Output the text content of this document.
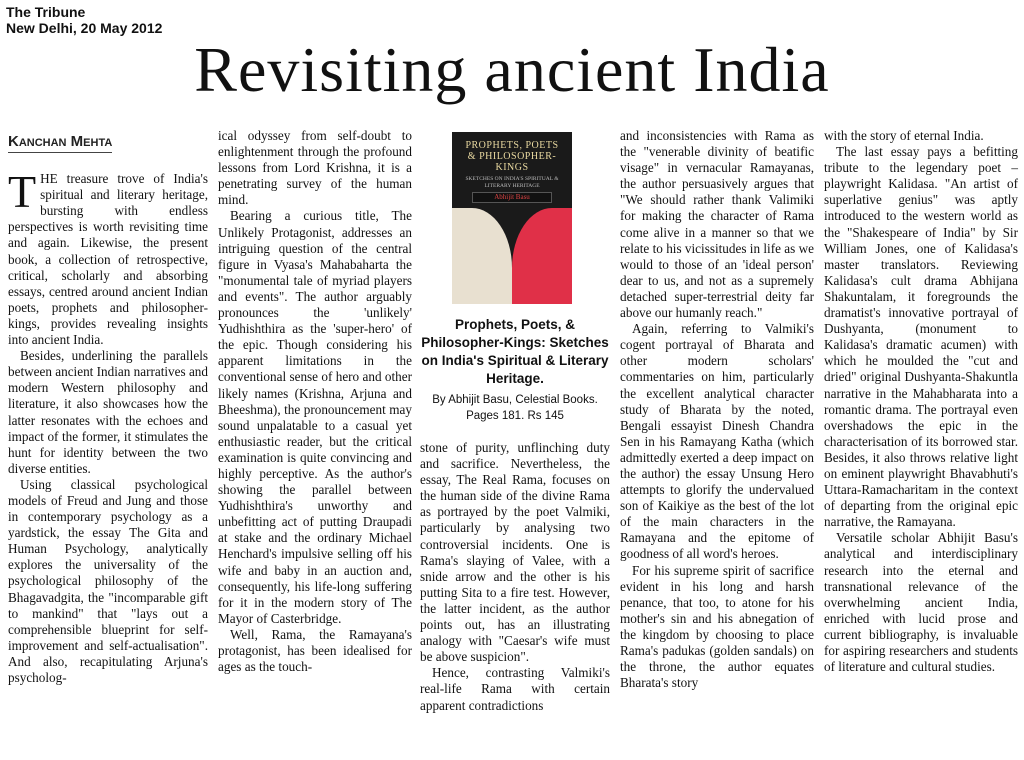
The Tribune
New Delhi, 20 May 2012
Revisiting ancient India
Kanchan Mehta

THE treasure trove of India's spiritual and literary heritage, bursting with endless perspectives is worth revisiting time and again. Likewise, the present book, a collection of retrospective, critical, scholarly and absorbing essays, centred around ancient Indian poets, prophets and philosopher-kings, provides revealing insights into ancient India.

Besides, underlining the parallels between ancient Indian narratives and modern Western philosophy and literature, it also showcases how the latter resonates with the echoes and impact of the former, it stimulates the hunt for identity between the two diverse entities.

Using classical psychological models of Freud and Jung and those in contemporary psychology as a yardstick, the essay The Gita and Human Psychology, analytically explores the universality of the psychological philosophy of the Bhagavadgita, the "incomparable gift to mankind" that "lays out a comprehensible blueprint for self-improvement and self-actualisation". And also, recapitulating Arjuna's psycholog-

ical odyssey from self-doubt to enlightenment through the profound lessons from Lord Krishna, it is a penetrating survey of the human mind.

Bearing a curious title, The Unlikely Protagonist, addresses an intriguing question of the central figure in Vyasa's Mahabaharta the "monumental tale of myriad players and events". The author arguably pronounces the 'unlikely' Yudhishthira as the 'super-hero' of the epic. Though considering his apparent limitations in the conventional sense of hero and other likely names (Krishna, Arjuna and Bheeshma), the pronouncement may sound unpalatable to a casual yet enthusiastic reader, but the critical examination is quite convincing and highly perceptive. As the author's showing the parallel between Yudhishthira's unworthy and unbefitting act of putting Draupadi at stake and the ordinary Michael Henchard's impulsive selling off his wife and baby in an auction and, consequently, his life-long suffering for it in the modern story of The Mayor of Casterbridge.

Well, Rama, the Ramayana's protagonist, has been idealised for ages as the touch-

PROPHETS, POETS & PHILOSOPHER-KINGS
SKETCHES ON INDIA'S SPIRITUAL & LITERARY HERITAGE
Abhijit Basu
Prophets, Poets, & Philosopher-Kings: Sketches on India's Spiritual & Literary Heritage.
By Abhijit Basu, Celestial Books. Pages 181. Rs 145

stone of purity, unflinching duty and sacrifice. Nevertheless, the essay, The Real Rama, focuses on the human side of the divine Rama as portrayed by the poet Valmiki, particularly by analysing two controversial incidents. One is Rama's slaying of Valee, with a snide arrow and the other is his putting Sita to a fire test. However, the latter incident, as the author points out, has an illustrating analogy with "Caesar's wife must be above suspicion".

Hence, contrasting Valmiki's real-life Rama with certain apparent contradictions

and inconsistencies with Rama as the "venerable divinity of beatific visage" in vernacular Ramayanas, the author persuasively argues that "We should rather thank Valimiki for making the character of Rama come alive in a manner so that we relate to his vicissitudes in life as we would to those of an 'ideal person' dear to us, and not as a supremely detached super-terrestrial deity far above our humanly reach."

Again, referring to Valmiki's cogent portrayal of Bharata and other modern scholars' commentaries on him, particularly the excellent analytical character study of Bharata by the noted, Bengali essayist Dinesh Chandra Sen in his Ramayang Katha (which admittedly exerted a deep impact on the author) the essay Unsung Hero attempts to glorify the undervalued son of Kaikiye as the best of the lot of the main characters in the Ramayana and the epitome of goodness of all word's heroes.

For his supreme spirit of sacrifice evident in his long and harsh penance, that too, to atone for his mother's sin and his abnegation of the kingdom by choosing to place Rama's padukas (golden sandals) on the throne, the author equates Bharata's story

with the story of eternal India.

The last essay pays a befitting tribute to the legendary poet – playwright Kalidasa. "An artist of superlative genius" was aptly introduced to the western world as the "Shakespeare of India" by Sir William Jones, one of Kalidasa's master translators. Reviewing Kalidasa's cult drama Abhijana Shakuntalam, it foregrounds the dramatist's innovative portrayal of Dushyanta, (monument to Kalidasa's dramatic acumen) with which he moulded the "cut and dried" original Dushyanta-Shakuntla narrative in the Mahabharata into a romantic drama. The portrayal even overshadows the epic in the characterisation of its borrowed star. Besides, it also throws relative light on eminent playwright Bhavabhuti's Uttara-Ramacharitam in the context of departing from the original epic narrative, the Ramayana.

Versatile scholar Abhijit Basu's analytical and interdisciplinary research into the eternal and transnational relevance of the overwhelming ancient India, enriched with lucid prose and current bibliography, is invaluable for aspiring researchers and students of literature and cultural studies.
